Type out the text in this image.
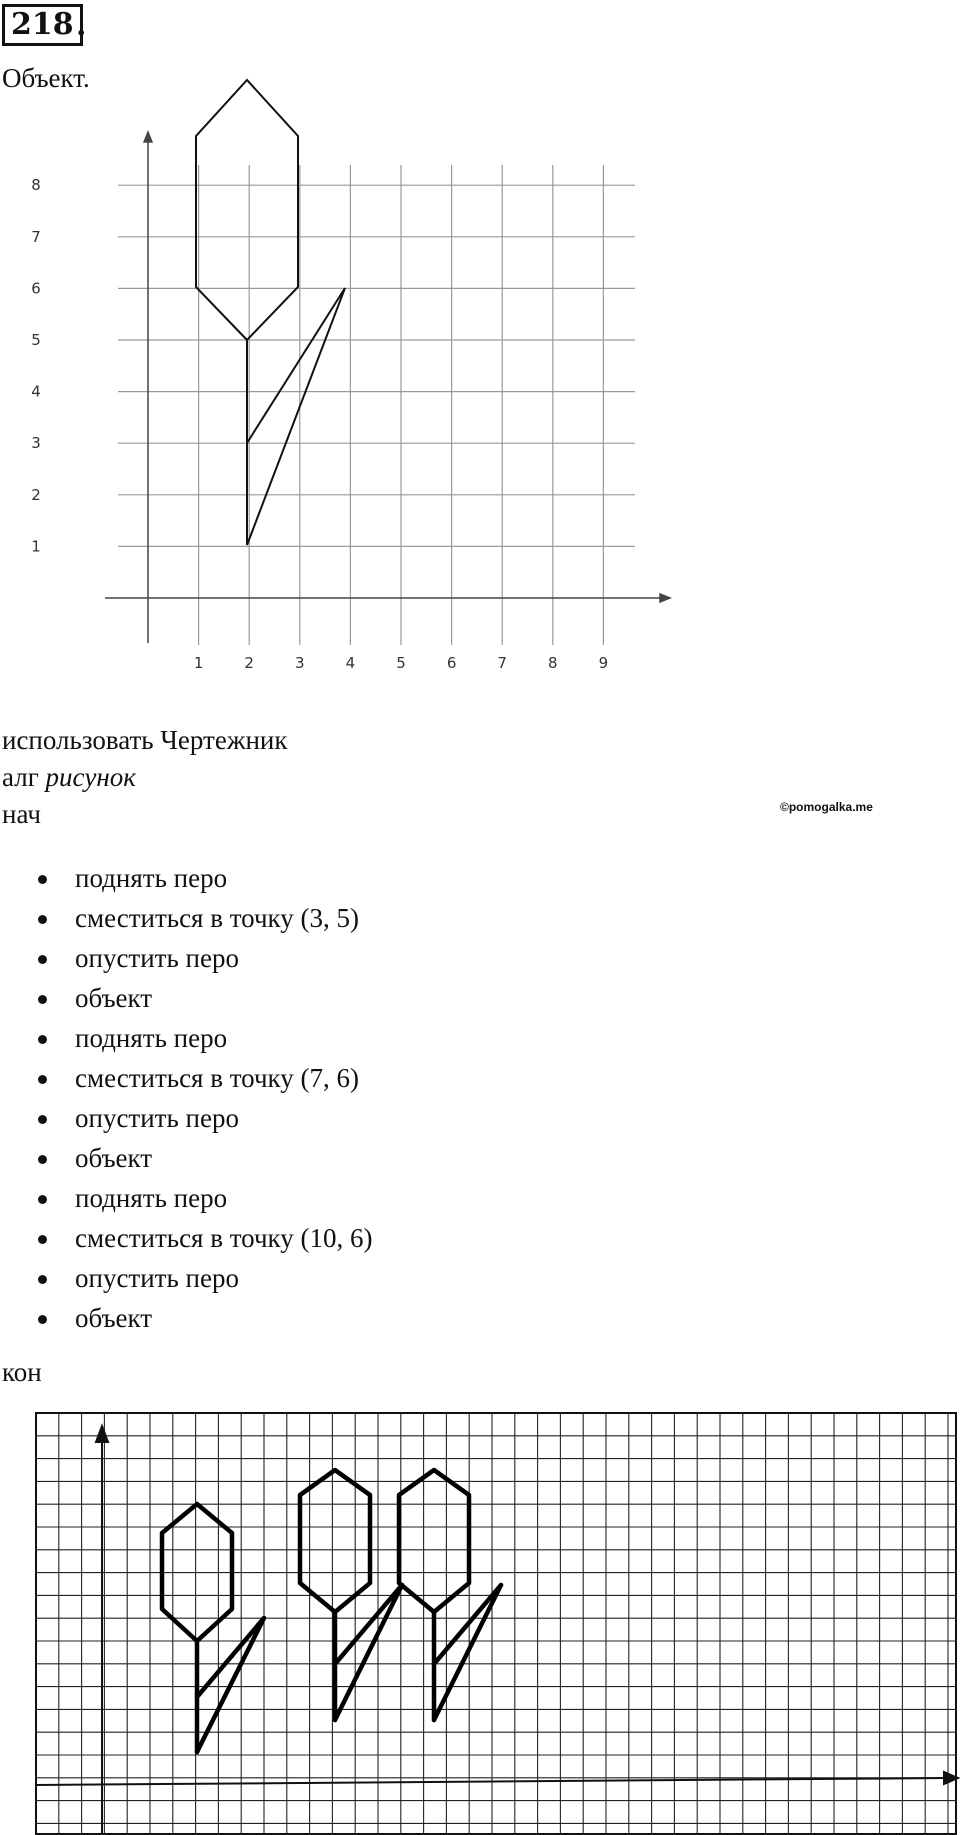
218 .
Объект.
1	2	3	4	5	6	7	8	9
1
2
3
4
5
6
7
8
использовать Чертежник
алг рисунок
нач	©pomogalka.me
поднять перо
сместиться в точку (3, 5)
опустить перо
объект
поднять перо
сместиться в точку (7, 6)
опустить перо
объект
поднять перо
сместиться в точку (10, 6)
опустить перо
объект
кон
